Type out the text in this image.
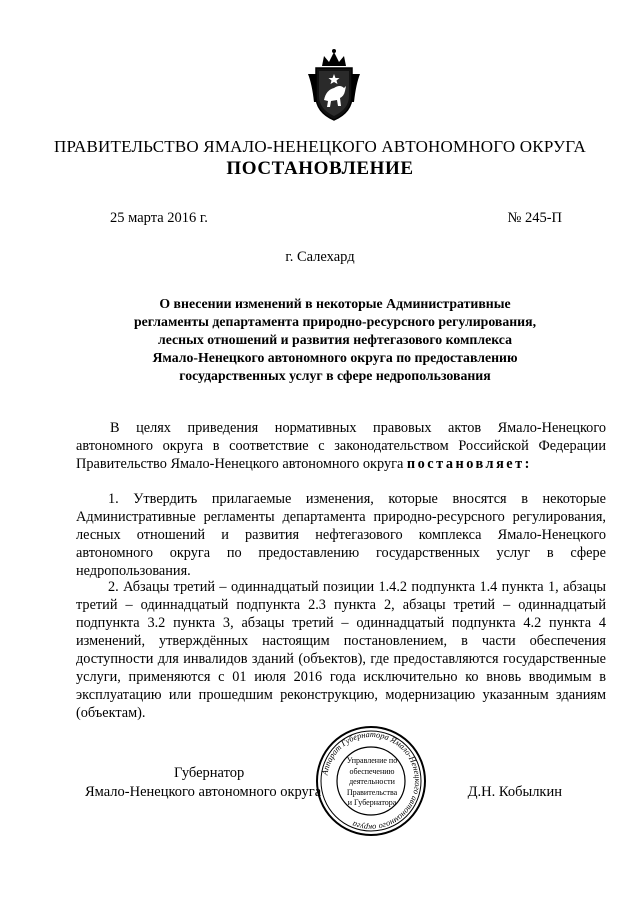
ПРАВИТЕЛЬСТВО ЯМАЛО-НЕНЕЦКОГО АВТОНОМНОГО ОКРУГА
ПОСТАНОВЛЕНИЕ
25 марта 2016 г.	№ 245-П
г. Салехард
О внесении изменений в некоторые Административные
регламенты департамента природно-ресурсного регулирования,
лесных отношений и развития нефтегазового комплекса
Ямало-Ненецкого автономного округа по предоставлению
государственных услуг в сфере недропользования
В целях приведения нормативных правовых актов Ямало-Ненецкого автономного округа в соответствие с законодательством Российской Федерации Правительство Ямало-Ненецкого автономного округа постановляет:
1. Утвердить прилагаемые изменения, которые вносятся в некоторые Административные регламенты департамента природно-ресурсного регулирования, лесных отношений и развития нефтегазового комплекса Ямало-Ненецкого автономного округа по предоставлению государственных услуг в сфере недропользования.
2. Абзацы третий – одиннадцатый позиции 1.4.2 подпункта 1.4 пункта 1, абзацы третий – одиннадцатый подпункта 2.3 пункта 2, абзацы третий – одиннадцатый подпункта 3.2 пункта 3, абзацы третий – одиннадцатый подпункта 4.2 пункта 4 изменений, утверждённых настоящим постановлением, в части обеспечения доступности для инвалидов зданий (объектов), где предоставляются государственные услуги, применяются с 01 июля 2016 года исключительно ко вновь вводимым в эксплуатацию или прошедшим реконструкцию, модернизацию указанным зданиям (объектам).
Аппарат Губернатора Ямало-Ненецкого автономного округа
Управление по
обеспечению
деятельности
Правительства
и Губернатора
Губернатор
Ямало-Ненецкого автономного округа	Д.Н. Кобылкин
